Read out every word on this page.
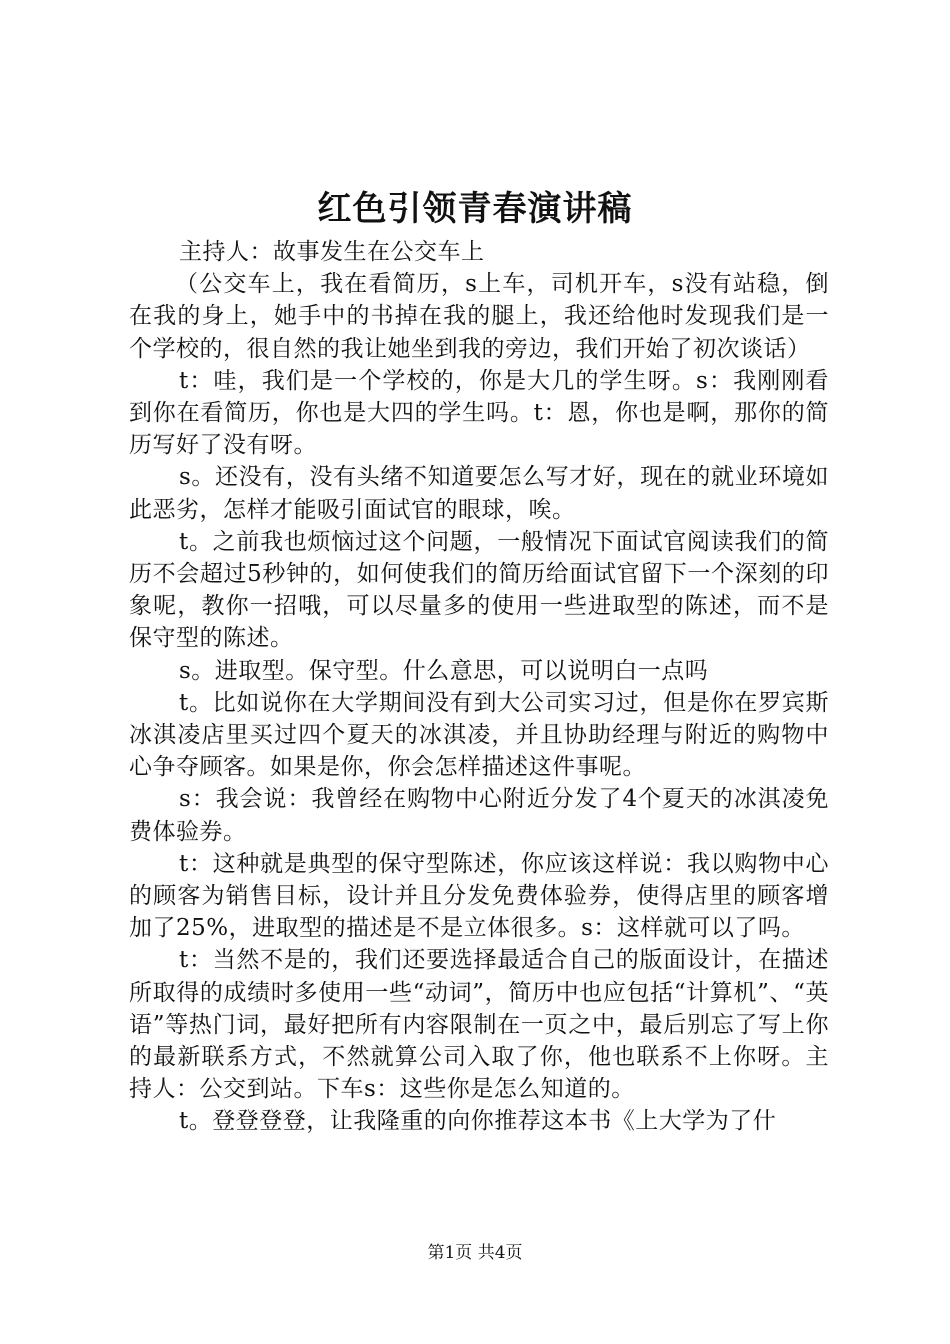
红色引领青春演讲稿

主持人：故事发生在公交车上

（公交车上，我在看简历，s上车，司机开车，s没有站稳，倒在我的身上，她手中的书掉在我的腿上，我还给他时发现我们是一个学校的，很自然的我让她坐到我的旁边，我们开始了初次谈话）

t：哇，我们是一个学校的，你是大几的学生呀。s：我刚刚看到你在看简历，你也是大四的学生吗。t：恩，你也是啊，那你的简历写好了没有呀。

s。还没有，没有头绪不知道要怎么写才好，现在的就业环境如此恶劣，怎样才能吸引面试官的眼球，唉。

t。之前我也烦恼过这个问题，一般情况下面试官阅读我们的简历不会超过5秒钟的，如何使我们的简历给面试官留下一个深刻的印象呢，教你一招哦，可以尽量多的使用一些进取型的陈述，而不是保守型的陈述。

s。进取型。保守型。什么意思，可以说明白一点吗

t。比如说你在大学期间没有到大公司实习过，但是你在罗宾斯冰淇凌店里买过四个夏天的冰淇凌，并且协助经理与附近的购物中心争夺顾客。如果是你，你会怎样描述这件事呢。

s：我会说：我曾经在购物中心附近分发了4个夏天的冰淇凌免费体验券。

t：这种就是典型的保守型陈述，你应该这样说：我以购物中心的顾客为销售目标，设计并且分发免费体验券，使得店里的顾客增加了25%，进取型的描述是不是立体很多。s：这样就可以了吗。

t：当然不是的，我们还要选择最适合自己的版面设计，在描述所取得的成绩时多使用一些“动词”，简历中也应包括“计算机”、“英语”等热门词，最好把所有内容限制在一页之中，最后别忘了写上你的最新联系方式，不然就算公司入取了你，他也联系不上你呀。主持人：公交到站。下车s：这些你是怎么知道的。

t。登登登登，让我隆重的向你推荐这本书《上大学为了什

第1页 共4页
